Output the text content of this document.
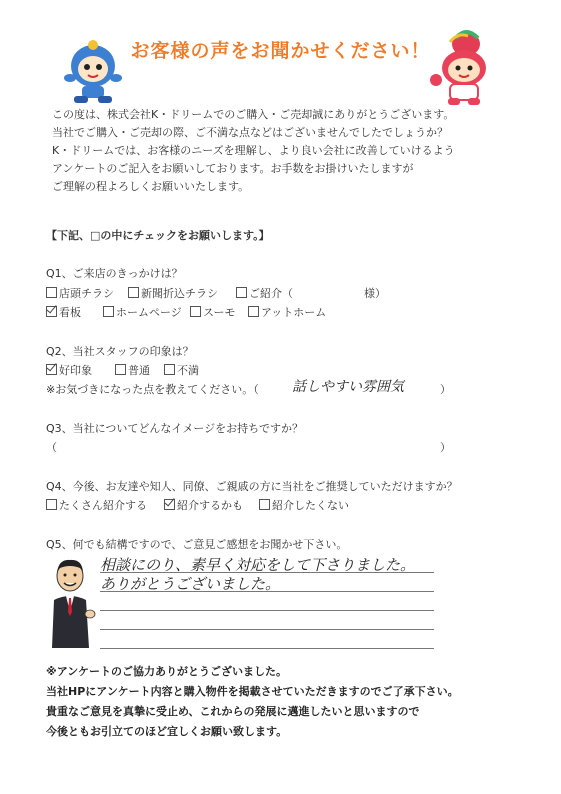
お客様の声をお聞かせください！
この度は、株式会社K・ドリームでのご購入・ご売却誠にありがとうございます。
当社でご購入・ご売却の際、ご不満な点などはございませんでしたでしょうか？
K・ドリームでは、お客様のニーズを理解し、より良い会社に改善していけるよう
アンケートのご記入をお願いしております。お手数をお掛けいたしますが
ご理解の程よろしくお願いいたします。
【下記、□の中にチェックをお願いします。】
Q1、ご来店のきっかけは？
店頭チラシ	新聞折込チラシ	ご紹介（	様）
看板	ホームページ	スーモ	アットホーム
Q2、当社スタッフの印象は？
好印象	普通	不満
※お気づきになった点を教えてください。（ 話しやすい雰囲気	）
Q3、当社についてどんなイメージをお持ちですか？
（	）
Q4、今後、お友達や知人、同僚、ご親戚の方に当社をご推奨していただけますか？
たくさん紹介する	紹介するかも	紹介したくない
Q5、何でも結構ですので、ご意見ご感想をお聞かせ下さい。
相談にのり、素早く対応をして下さりました。
ありがとうございました。
※アンケートのご協力ありがとうございました。
当社HPにアンケート内容と購入物件を掲載させていただきますのでご了承下さい。
貴重なご意見を真摯に受止め、これからの発展に邁進したいと思いますので
今後ともお引立てのほど宜しくお願い致します。
